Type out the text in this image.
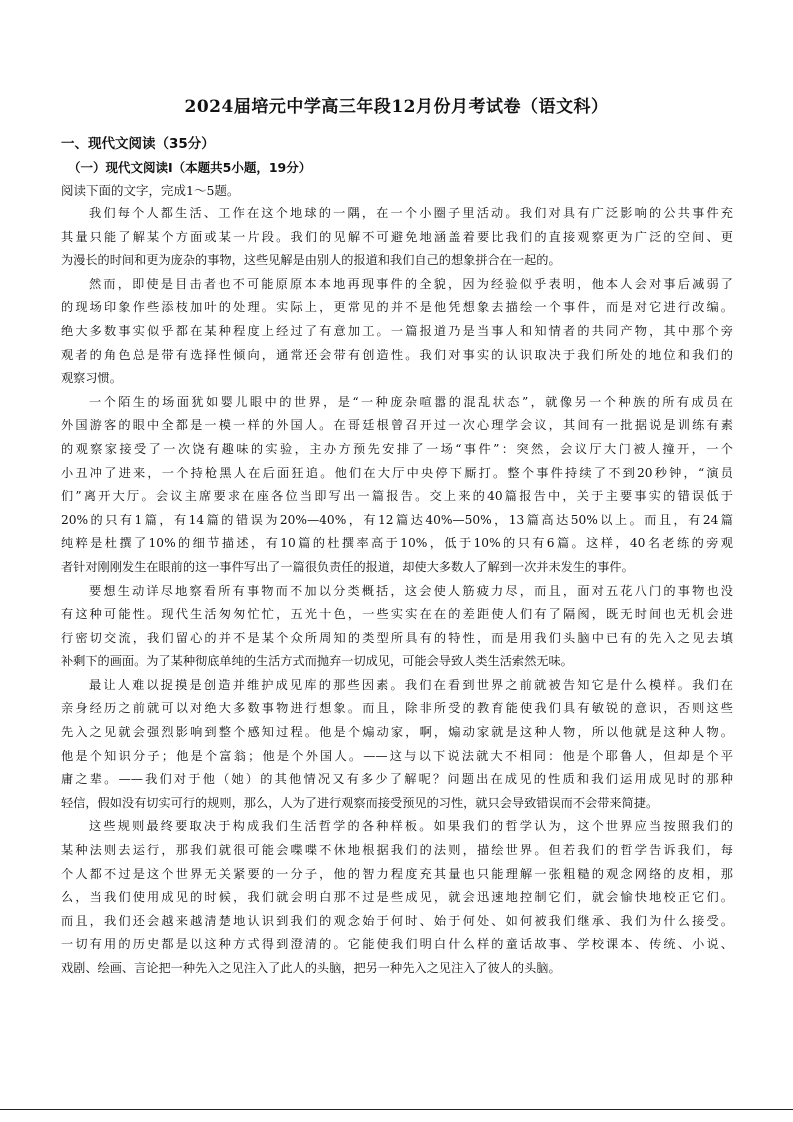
2024届培元中学高三年段12月份月考试卷（语文科）
一、现代文阅读（35分）
（一）现代文阅读Ⅰ（本题共5小题，19分）
阅读下面的文字，完成1～5题。
我们每个人都生活、工作在这个地球的一隅，在一个小圈子里活动。我们对具有广泛影响的公共事件充
其量只能了解某个方面或某一片段。我们的见解不可避免地涵盖着要比我们的直接观察更为广泛的空间、更
为漫长的时间和更为庞杂的事物，这些见解是由别人的报道和我们自己的想象拼合在一起的。
然而，即使是目击者也不可能原原本本地再现事件的全貌，因为经验似乎表明，他本人会对事后减弱了
的现场印象作些添枝加叶的处理。实际上，更常见的并不是他凭想象去描绘一个事件，而是对它进行改编。
绝大多数事实似乎都在某种程度上经过了有意加工。一篇报道乃是当事人和知情者的共同产物，其中那个旁
观者的角色总是带有选择性倾向，通常还会带有创造性。我们对事实的认识取决于我们所处的地位和我们的
观察习惯。
一个陌生的场面犹如婴儿眼中的世界，是“一种庞杂喧嚣的混乱状态”，就像另一个种族的所有成员在
外国游客的眼中全都是一模一样的外国人。在哥廷根曾召开过一次心理学会议，其间有一批据说是训练有素
的观察家接受了一次饶有趣味的实验，主办方预先安排了一场“事件”：突然，会议厅大门被人撞开，一个
小丑冲了进来，一个持枪黑人在后面狂追。他们在大厅中央停下厮打。整个事件持续了不到20秒钟，“演员
们”离开大厅。会议主席要求在座各位当即写出一篇报告。交上来的40篇报告中，关于主要事实的错误低于
20%的只有1篇，有14篇的错误为20%—40%，有12篇达40%—50%，13篇高达50%以上。而且，有24篇
纯粹是杜撰了10%的细节描述，有10篇的杜撰率高于10%，低于10%的只有6篇。这样，40名老练的旁观
者针对刚刚发生在眼前的这一事件写出了一篇很负责任的报道，却使大多数人了解到一次并未发生的事件。
要想生动详尽地察看所有事物而不加以分类概括，这会使人筋疲力尽，而且，面对五花八门的事物也没
有这种可能性。现代生活匆匆忙忙，五光十色，一些实实在在的差距使人们有了隔阂，既无时间也无机会进
行密切交流，我们留心的并不是某个众所周知的类型所具有的特性，而是用我们头脑中已有的先入之见去填
补剩下的画面。为了某种彻底单纯的生活方式而抛弃一切成见，可能会导致人类生活索然无味。
最让人难以捉摸是创造并维护成见库的那些因素。我们在看到世界之前就被告知它是什么模样。我们在
亲身经历之前就可以对绝大多数事物进行想象。而且，除非所受的教育能使我们具有敏锐的意识，否则这些
先入之见就会强烈影响到整个感知过程。他是个煽动家，啊，煽动家就是这种人物，所以他就是这种人物。
他是个知识分子；他是个富翁；他是个外国人。——这与以下说法就大不相同：他是个耶鲁人，但却是个平
庸之辈。——我们对于他（她）的其他情况又有多少了解呢？问题出在成见的性质和我们运用成见时的那种
轻信，假如没有切实可行的规则，那么，人为了进行观察而接受预见的习性，就只会导致错误而不会带来简捷。
这些规则最终要取决于构成我们生活哲学的各种样板。如果我们的哲学认为，这个世界应当按照我们的
某种法则去运行，那我们就很可能会喋喋不休地根据我们的法则，描绘世界。但若我们的哲学告诉我们，每
个人都不过是这个世界无关紧要的一分子，他的智力程度充其量也只能理解一张粗糙的观念网络的皮相，那
么，当我们使用成见的时候，我们就会明白那不过是些成见，就会迅速地控制它们，就会愉快地校正它们。
而且，我们还会越来越清楚地认识到我们的观念始于何时、始于何处、如何被我们继承、我们为什么接受。
一切有用的历史都是以这种方式得到澄清的。它能使我们明白什么样的童话故事、学校课本、传统、小说、
戏剧、绘画、言论把一种先入之见注入了此人的头脑，把另一种先入之见注入了彼人的头脑。
